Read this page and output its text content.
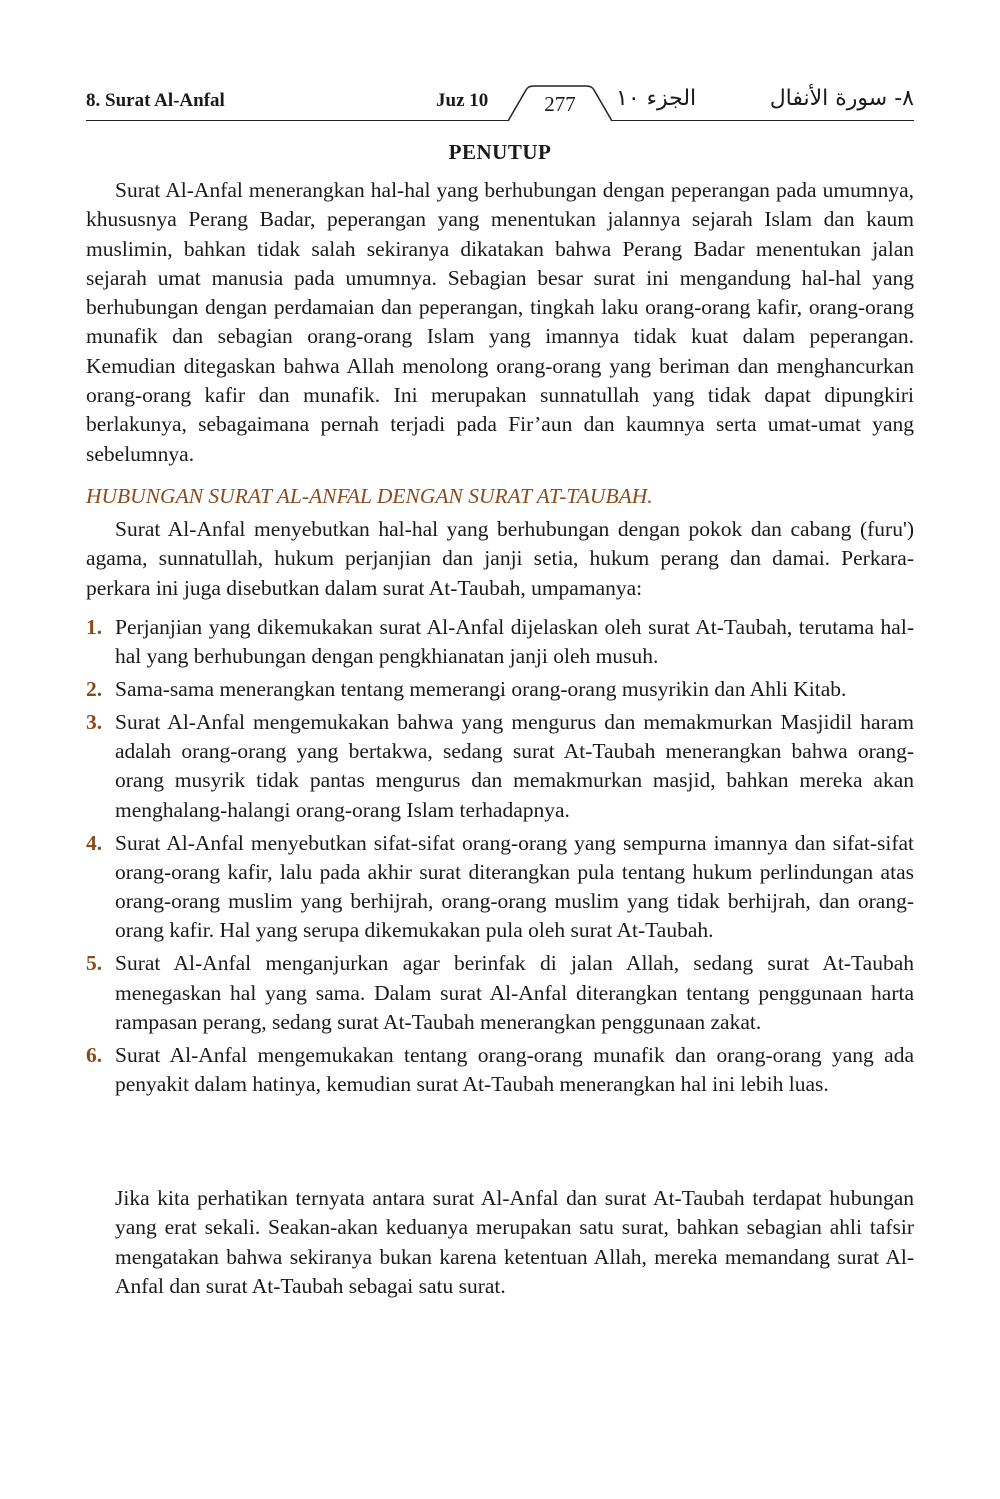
8. Surat Al-Anfal	Juz 10	277	الجزء ١٠	٨- سورة الأنفال
PENUTUP

Surat Al-Anfal menerangkan hal-hal yang berhubungan dengan peperangan pada umumnya, khususnya Perang Badar, peperangan yang menentukan jalannya sejarah Islam dan kaum muslimin, bahkan tidak salah sekiranya dikatakan bahwa Perang Badar menentukan jalan sejarah umat manusia pada umumnya. Sebagian besar surat ini mengandung hal-hal yang berhubungan dengan perdamaian dan peperangan, tingkah laku orang-orang kafir, orang-orang munafik dan sebagian orang-orang Islam yang imannya tidak kuat dalam peperangan. Kemudian ditegaskan bahwa Allah menolong orang-orang yang beriman dan menghancurkan orang-orang kafir dan munafik. Ini merupakan sunnatullah yang tidak dapat dipungkiri berlakunya, sebagaimana pernah terjadi pada Fir’aun dan kaumnya serta umat-umat yang sebelumnya.

HUBUNGAN SURAT AL-ANFAL DENGAN SURAT AT-TAUBAH.

Surat Al-Anfal menyebutkan hal-hal yang berhubungan dengan pokok dan cabang (furu') agama, sunnatullah, hukum perjanjian dan janji setia, hukum perang dan damai. Perkara-perkara ini juga disebutkan dalam surat At-Taubah, umpamanya:

1. Perjanjian yang dikemukakan surat Al-Anfal dijelaskan oleh surat At-Taubah, terutama hal-hal yang berhubungan dengan pengkhianatan janji oleh musuh.

2. Sama-sama menerangkan tentang memerangi orang-orang musyrikin dan Ahli Kitab.

3. Surat Al-Anfal mengemukakan bahwa yang mengurus dan memakmurkan Masjidil haram adalah orang-orang yang bertakwa, sedang surat At-Taubah menerangkan bahwa orang-orang musyrik tidak pantas mengurus dan memakmurkan masjid, bahkan mereka akan menghalang-halangi orang-orang Islam terhadapnya.

4. Surat Al-Anfal menyebutkan sifat-sifat orang-orang yang sempurna imannya dan sifat-sifat orang-orang kafir, lalu pada akhir surat diterangkan pula tentang hukum perlindungan atas orang-orang muslim yang berhijrah, orang-orang muslim yang tidak berhijrah, dan orang-orang kafir. Hal yang serupa dikemukakan pula oleh surat At-Taubah.

5. Surat Al-Anfal menganjurkan agar berinfak di jalan Allah, sedang surat At-Taubah menegaskan hal yang sama. Dalam surat Al-Anfal diterangkan tentang penggunaan harta rampasan perang, sedang surat At-Taubah menerangkan penggunaan zakat.

6. Surat Al-Anfal mengemukakan tentang orang-orang munafik dan orang-orang yang ada penyakit dalam hatinya, kemudian surat At-Taubah menerangkan hal ini lebih luas.

Jika kita perhatikan ternyata antara surat Al-Anfal dan surat At-Taubah terdapat hubungan yang erat sekali. Seakan-akan keduanya merupakan satu surat, bahkan sebagian ahli tafsir mengatakan bahwa sekiranya bukan karena ketentuan Allah, mereka memandang surat Al-Anfal dan surat At-Taubah sebagai satu surat.
